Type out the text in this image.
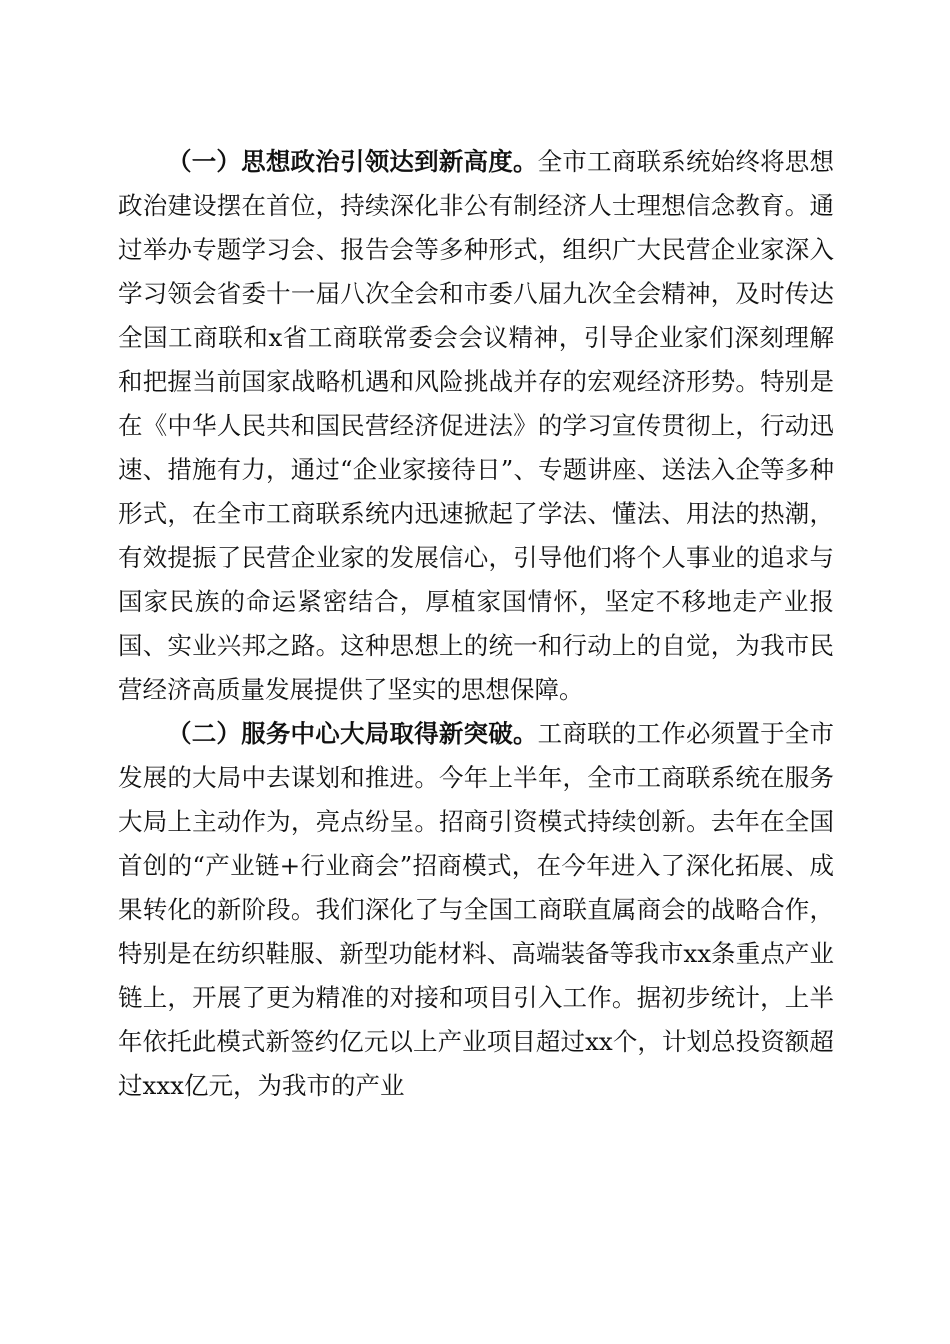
（一）思想政治引领达到新高度。全市工商联系统始终将思想政治建设摆在首位，持续深化非公有制经济人士理想信念教育。通过举办专题学习会、报告会等多种形式，组织广大民营企业家深入学习领会省委十一届八次全会和市委八届九次全会精神，及时传达全国工商联和x省工商联常委会会议精神，引导企业家们深刻理解和把握当前国家战略机遇和风险挑战并存的宏观经济形势。特别是在《中华人民共和国民营经济促进法》的学习宣传贯彻上，行动迅速、措施有力，通过“企业家接待日”、专题讲座、送法入企等多种形式，在全市工商联系统内迅速掀起了学法、懂法、用法的热潮，有效提振了民营企业家的发展信心，引导他们将个人事业的追求与国家民族的命运紧密结合，厚植家国情怀，坚定不移地走产业报国、实业兴邦之路。这种思想上的统一和行动上的自觉，为我市民营经济高质量发展提供了坚实的思想保障。

（二）服务中心大局取得新突破。工商联的工作必须置于全市发展的大局中去谋划和推进。今年上半年，全市工商联系统在服务大局上主动作为，亮点纷呈。招商引资模式持续创新。去年在全国首创的“产业链+行业商会”招商模式，在今年进入了深化拓展、成果转化的新阶段。我们深化了与全国工商联直属商会的战略合作，特别是在纺织鞋服、新型功能材料、高端装备等我市xx条重点产业链上，开展了更为精准的对接和项目引入工作。据初步统计，上半年依托此模式新签约亿元以上产业项目超过xx个，计划总投资额超过xxx亿元，为我市的产业
